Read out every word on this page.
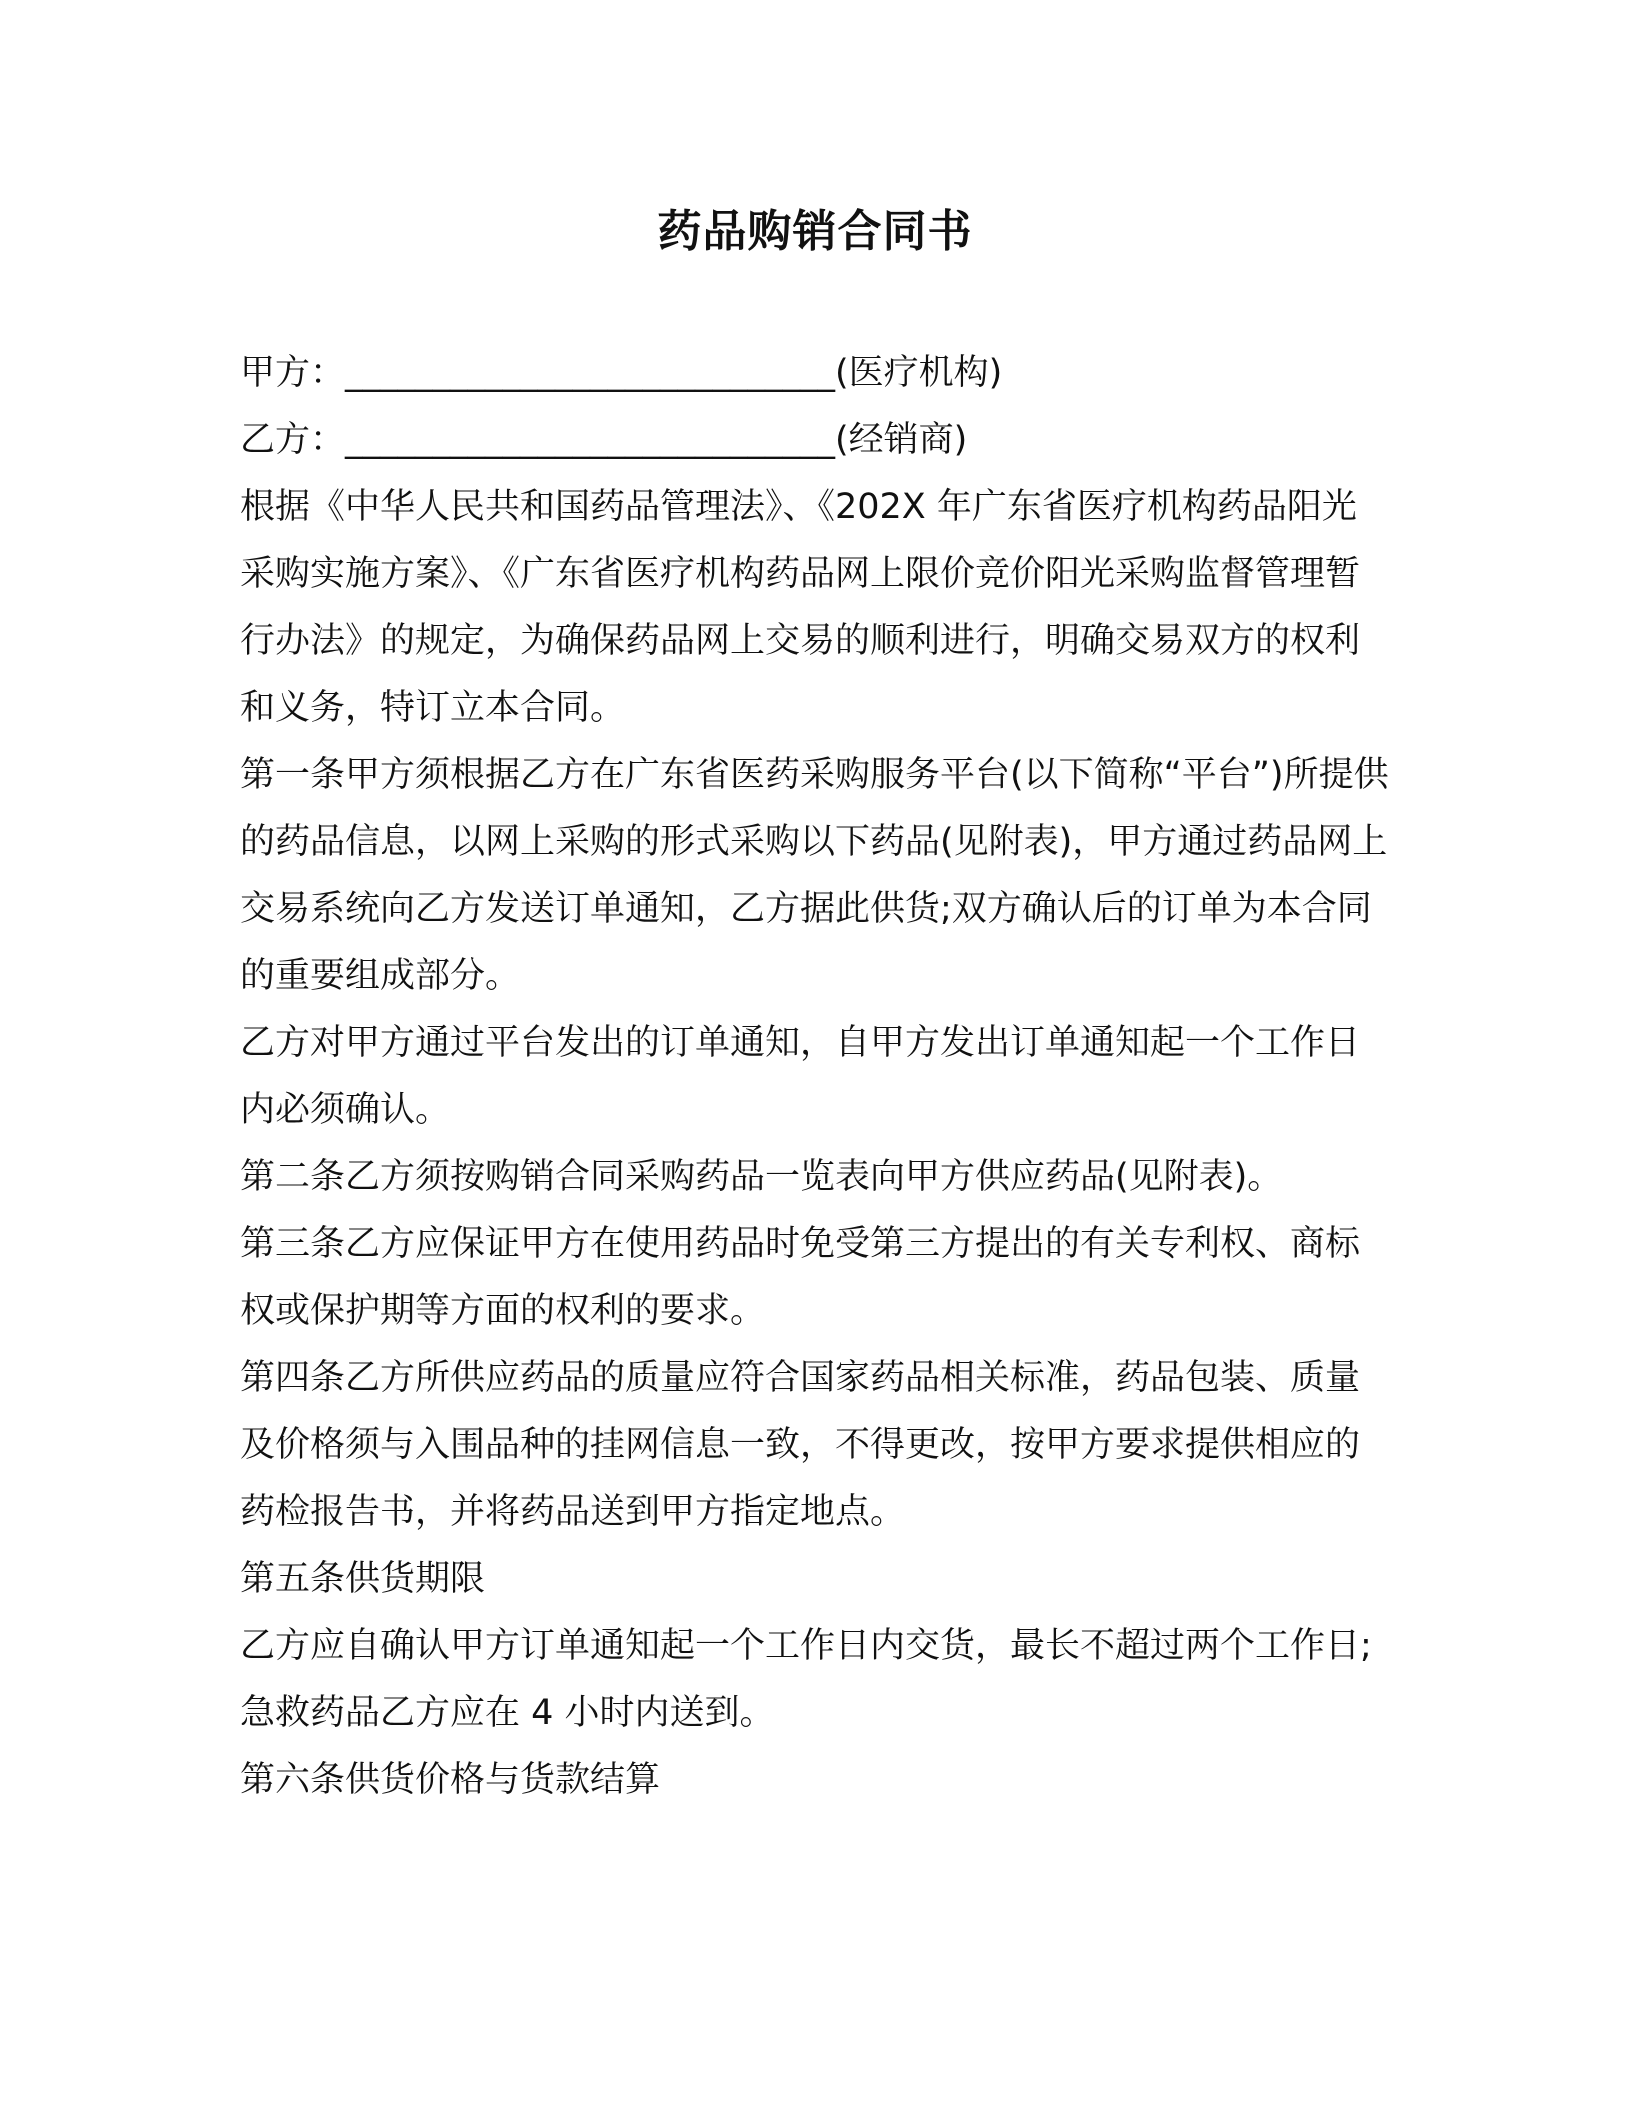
药品购销合同书

甲方：____________________________(医疗机构)

乙方：____________________________(经销商)

根据《中华人民共和国药品管理法》、《202X 年广东省医疗机构药品阳光采购实施方案》、《广东省医疗机构药品网上限价竞价阳光采购监督管理暂行办法》的规定，为确保药品网上交易的顺利进行，明确交易双方的权利和义务，特订立本合同。

第一条甲方须根据乙方在广东省医药采购服务平台(以下简称“平台”)所提供的药品信息，以网上采购的形式采购以下药品(见附表)，甲方通过药品网上交易系统向乙方发送订单通知，乙方据此供货;双方确认后的订单为本合同的重要组成部分。

乙方对甲方通过平台发出的订单通知，自甲方发出订单通知起一个工作日内必须确认。

第二条乙方须按购销合同采购药品一览表向甲方供应药品(见附表)。

第三条乙方应保证甲方在使用药品时免受第三方提出的有关专利权、商标权或保护期等方面的权利的要求。

第四条乙方所供应药品的质量应符合国家药品相关标准，药品包装、质量及价格须与入围品种的挂网信息一致，不得更改，按甲方要求提供相应的药检报告书，并将药品送到甲方指定地点。

第五条供货期限

乙方应自确认甲方订单通知起一个工作日内交货，最长不超过两个工作日;急救药品乙方应在 4 小时内送到。

第六条供货价格与货款结算
